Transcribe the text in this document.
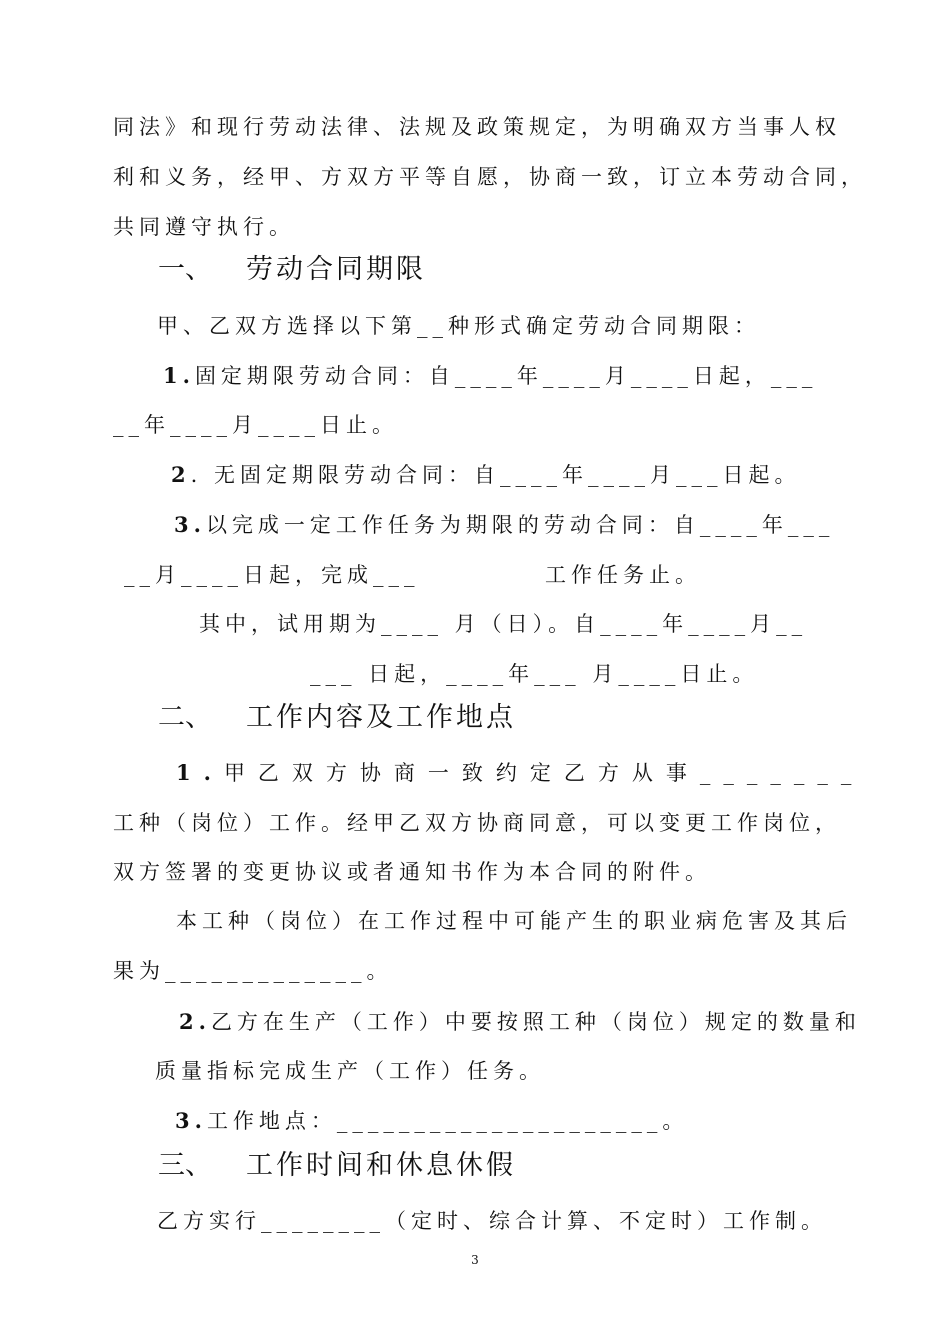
同法》和现行劳动法律、法规及政策规定，为明确双方当事人权
利和义务，经甲、方双方平等自愿，协商一致，订立本劳动合同，
共同遵守执行。
一、 劳动合同期限
甲、乙双方选择以下第__种形式确定劳动合同期限：
1.固定期限劳动合同：自____年____月____日起，___
__年____月____日止。
2. 无固定期限劳动合同：自____年____月___日起。
3.以完成一定工作任务为期限的劳动合同：自____年___
__月____日起，完成___	工作任务止。
其中，试用期为____ 月（日）。自____年____月__
___ 日起，____年___ 月____日止。
二、 工作内容及工作地点
1.甲乙双方协商一致约定乙方从事_______
工种（岗位）工作。经甲乙双方协商同意，可以变更工作岗位，
双方签署的变更协议或者通知书作为本合同的附件。
本工种（岗位）在工作过程中可能产生的职业病危害及其后
果为_____________。
2.乙方在生产（工作）中要按照工种（岗位）规定的数量和
质量指标完成生产（工作）任务。
3.工作地点：_____________________。
三、 工作时间和休息休假
乙方实行________（定时、综合计算、不定时）工作制。
3
